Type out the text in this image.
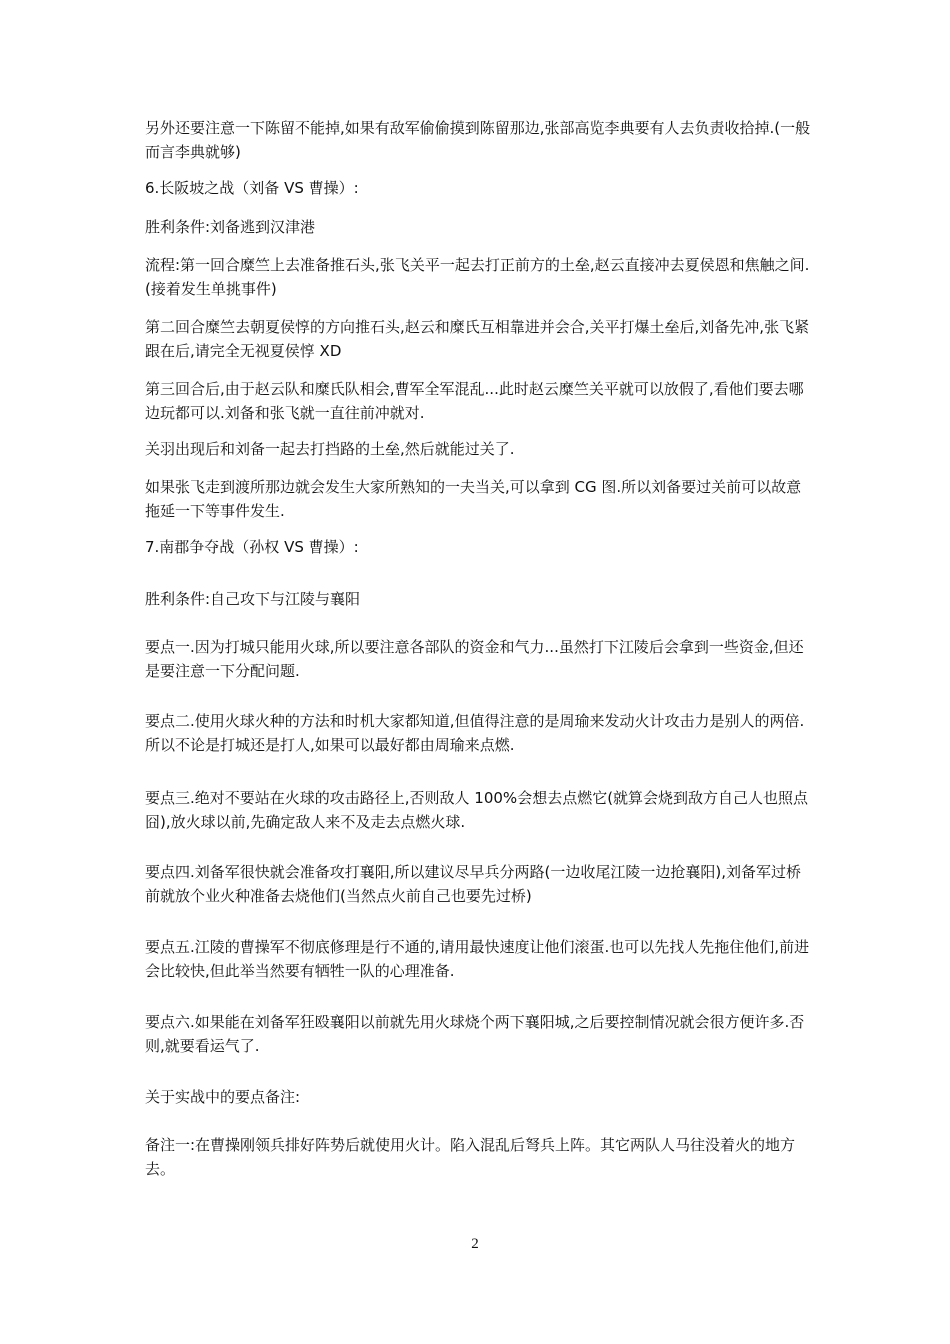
另外还要注意一下陈留不能掉,如果有敌军偷偷摸到陈留那边,张部高览李典要有人去负责收拾掉.(一般而言李典就够)

6.长阪坡之战（刘备 VS 曹操）:

胜利条件:刘备逃到汉津港

流程:第一回合糜竺上去准备推石头,张飞关平一起去打正前方的土垒,赵云直接冲去夏侯恩和焦触之间.(接着发生单挑事件)

第二回合糜竺去朝夏侯惇的方向推石头,赵云和糜氏互相靠进并会合,关平打爆土垒后,刘备先冲,张飞紧跟在后,请完全无视夏侯惇 XD

第三回合后,由于赵云队和糜氏队相会,曹军全军混乱...此时赵云糜竺关平就可以放假了,看他们要去哪边玩都可以.刘备和张飞就一直往前冲就对.

关羽出现后和刘备一起去打挡路的土垒,然后就能过关了.

如果张飞走到渡所那边就会发生大家所熟知的一夫当关,可以拿到 CG 图.所以刘备要过关前可以故意拖延一下等事件发生.

7.南郡争夺战（孙权 VS 曹操）:

胜利条件:自己攻下与江陵与襄阳

要点一.因为打城只能用火球,所以要注意各部队的资金和气力...虽然打下江陵后会拿到一些资金,但还是要注意一下分配问题.

要点二.使用火球火种的方法和时机大家都知道,但值得注意的是周瑜来发动火计攻击力是别人的两倍.所以不论是打城还是打人,如果可以最好都由周瑜来点燃.

要点三.绝对不要站在火球的攻击路径上,否则敌人 100%会想去点燃它(就算会烧到敌方自己人也照点 囧),放火球以前,先确定敌人来不及走去点燃火球.

要点四.刘备军很快就会准备攻打襄阳,所以建议尽早兵分两路(一边收尾江陵一边抢襄阳),刘备军过桥前就放个业火种准备去烧他们(当然点火前自己也要先过桥)

要点五.江陵的曹操军不彻底修理是行不通的,请用最快速度让他们滚蛋.也可以先找人先拖住他们,前进会比较快,但此举当然要有牺牲一队的心理准备.

要点六.如果能在刘备军狂殴襄阳以前就先用火球烧个两下襄阳城,之后要控制情况就会很方便许多.否则,就要看运气了.

关于实战中的要点备注:

备注一:在曹操刚领兵排好阵势后就使用火计。陷入混乱后弩兵上阵。其它两队人马往没着火的地方去。

2
